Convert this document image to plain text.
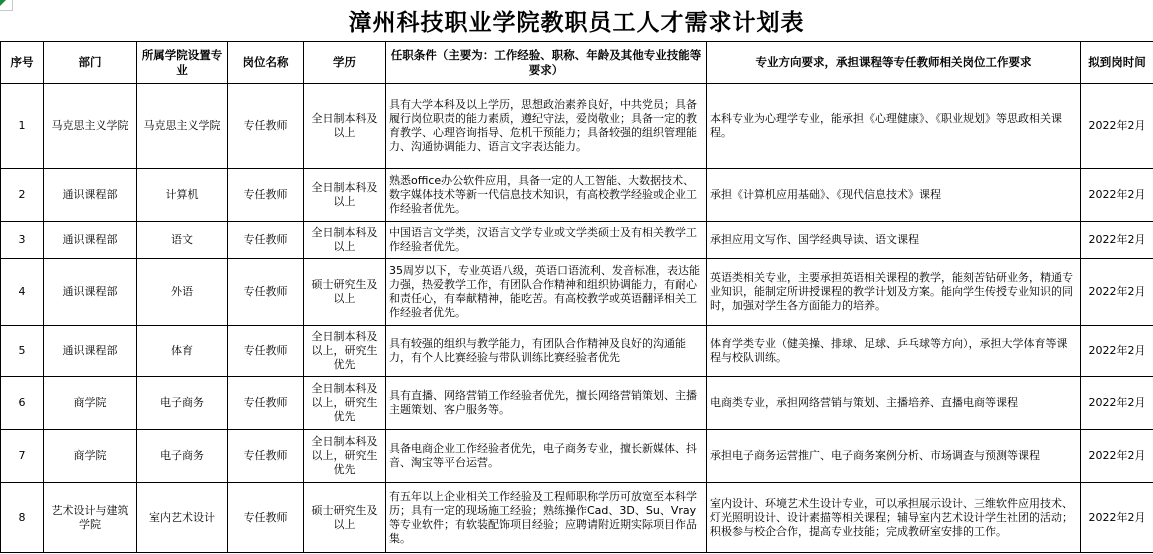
漳州科技职业学院教职员工人才需求计划表
序号	部门	所属学院设置专业	岗位名称	学历	任职条件（主要为：工作经验、职称、年龄及其他专业技能等要求）	专业方向要求，承担课程等专任教师相关岗位工作要求	拟到岗时间
1	马克思主义学院	马克思主义学院	专任教师	全日制本科及以上	具有大学本科及以上学历，思想政治素养良好，中共党员；具备履行岗位职责的能力素质，遵纪守法，爱岗敬业；具备一定的教育教学、心理咨询指导、危机干预能力；具备较强的组织管理能力、沟通协调能力、语言文字表达能力。	本科专业为心理学专业，能承担《心理健康》、《职业规划》等思政相关课程。	2022年2月
2	通识课程部	计算机	专任教师	全日制本科及以上	熟悉office办公软件应用，具备一定的人工智能、大数据技术、数字媒体技术等新一代信息技术知识，有高校教学经验或企业工作经验者优先。	承担《计算机应用基础》、《现代信息技术》课程	2022年2月
3	通识课程部	语文	专任教师	全日制本科及以上	中国语言文学类，汉语言文学专业或文学类硕士及有相关教学工作经验者优先。	承担应用文写作、国学经典导读、语文课程	2022年2月
4	通识课程部	外语	专任教师	硕士研究生及以上	35周岁以下，专业英语八级，英语口语流利、发音标准，表达能力强，热爱教学工作，有团队合作精神和组织协调能力，有耐心和责任心，有奉献精神，能吃苦。有高校教学或英语翻译相关工作经验者优先。	英语类相关专业，主要承担英语相关课程的教学，能刻苦钻研业务，精通专业知识，能制定所讲授课程的教学计划及方案。能向学生传授专业知识的同时，加强对学生各方面能力的培养。	2022年2月
5	通识课程部	体育	专任教师	全日制本科及以上，研究生优先	具有较强的组织与教学能力，有团队合作精神及良好的沟通能力，有个人比赛经验与带队训练比赛经验者优先	体育学类专业（健美操、排球、足球、乒乓球等方向），承担大学体育等课程与校队训练。	2022年2月
6	商学院	电子商务	专任教师	全日制本科及以上，研究生优先	具有直播、网络营销工作经验者优先，擅长网络营销策划、主播主题策划、客户服务等。	电商类专业，承担网络营销与策划、主播培养、直播电商等课程	2022年2月
7	商学院	电子商务	专任教师	全日制本科及以上，研究生优先	具备电商企业工作经验者优先，电子商务专业，擅长新媒体、抖音、淘宝等平台运营。	承担电子商务运营推广、电子商务案例分析、市场调查与预测等课程	2022年2月
8	艺术设计与建筑学院	室内艺术设计	专任教师	硕士研究生及以上	有五年以上企业相关工作经验及工程师职称学历可放宽至本科学历；具有一定的现场施工经验；熟练操作Cad、3D、Su、Vray等专业软件；有软装配饰项目经验；应聘请附近期实际项目作品集。	室内设计、环境艺术生设计专业，可以承担展示设计、三维软件应用技术、灯光照明设计、设计素描等相关课程；辅导室内艺术设计学生社团的活动；积极参与校企合作，提高专业技能；完成教研室安排的工作。	2022年2月
